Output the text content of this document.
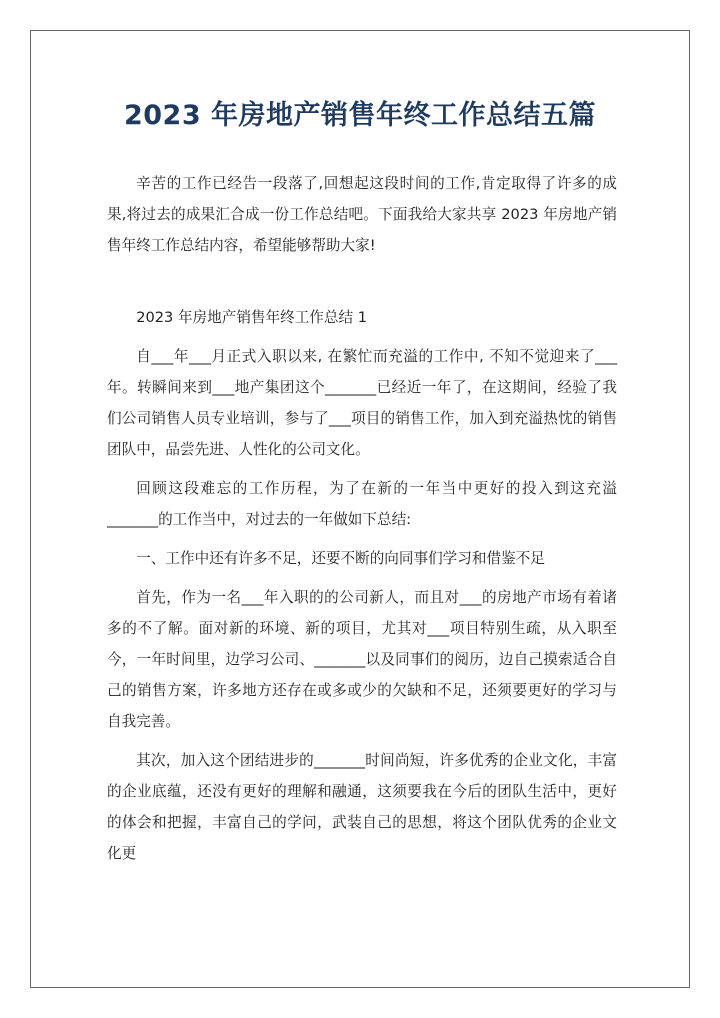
2023 年房地产销售年终工作总结五篇

辛苦的工作已经告一段落了,回想起这段时间的工作,肯定取得了许多的成果,将过去的成果汇合成一份工作总结吧。下面我给大家共享 2023 年房地产销售年终工作总结内容，希望能够帮助大家!

2023 年房地产销售年终工作总结 1

自___年___月正式入职以来, 在繁忙而充溢的工作中, 不知不觉迎来了___年。转瞬间来到___地产集团这个_______已经近一年了，在这期间，经验了我们公司销售人员专业培训，参与了___项目的销售工作，加入到充溢热忱的销售团队中，品尝先进、人性化的公司文化。

回顾这段难忘的工作历程，为了在新的一年当中更好的投入到这充溢_______的工作当中，对过去的一年做如下总结:

一、工作中还有许多不足，还要不断的向同事们学习和借鉴不足

首先，作为一名___年入职的的公司新人，而且对___的房地产市场有着诸多的不了解。面对新的环境、新的项目，尤其对___项目特别生疏，从入职至今，一年时间里，边学习公司、_______以及同事们的阅历，边自己摸索适合自己的销售方案，许多地方还存在或多或少的欠缺和不足，还须要更好的学习与自我完善。

其次，加入这个团结进步的_______时间尚短，许多优秀的企业文化，丰富的企业底蕴，还没有更好的理解和融通，这须要我在今后的团队生活中，更好的体会和把握，丰富自己的学问，武装自己的思想，将这个团队优秀的企业文化更
